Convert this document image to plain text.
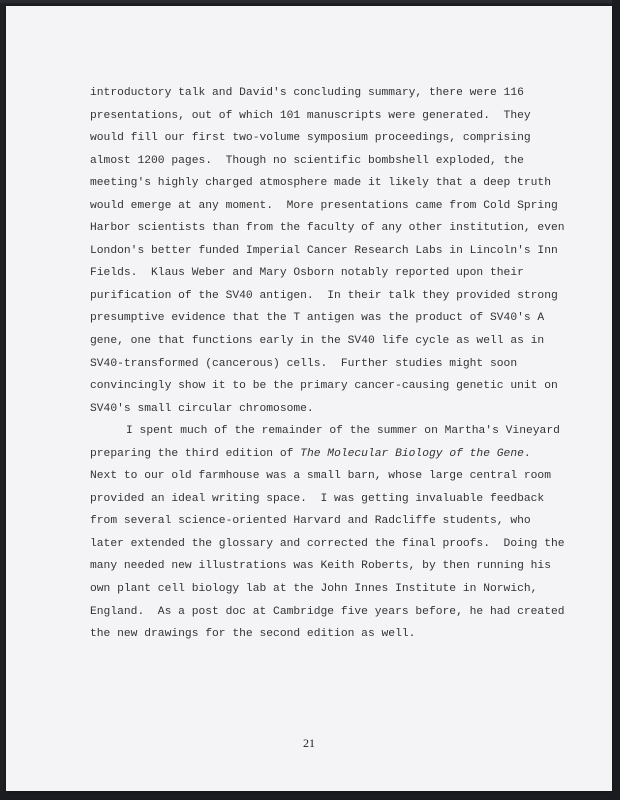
introductory talk and David's concluding summary, there were 116
presentations, out of which 101 manuscripts were generated.  They
would fill our first two-volume symposium proceedings, comprising
almost 1200 pages.  Though no scientific bombshell exploded, the
meeting's highly charged atmosphere made it likely that a deep truth
would emerge at any moment.  More presentations came from Cold Spring
Harbor scientists than from the faculty of any other institution, even
London's better funded Imperial Cancer Research Labs in Lincoln's Inn
Fields.  Klaus Weber and Mary Osborn notably reported upon their
purification of the SV40 antigen.  In their talk they provided strong
presumptive evidence that the T antigen was the product of SV40's A
gene, one that functions early in the SV40 life cycle as well as in
SV40-transformed (cancerous) cells.  Further studies might soon
convincingly show it to be the primary cancer-causing genetic unit on
SV40's small circular chromosome.
I spent much of the remainder of the summer on Martha's Vineyard
preparing the third edition of The Molecular Biology of the Gene.
Next to our old farmhouse was a small barn, whose large central room
provided an ideal writing space.  I was getting invaluable feedback
from several science-oriented Harvard and Radcliffe students, who
later extended the glossary and corrected the final proofs.  Doing the
many needed new illustrations was Keith Roberts, by then running his
own plant cell biology lab at the John Innes Institute in Norwich,
England.  As a post doc at Cambridge five years before, he had created
the new drawings for the second edition as well.
21
